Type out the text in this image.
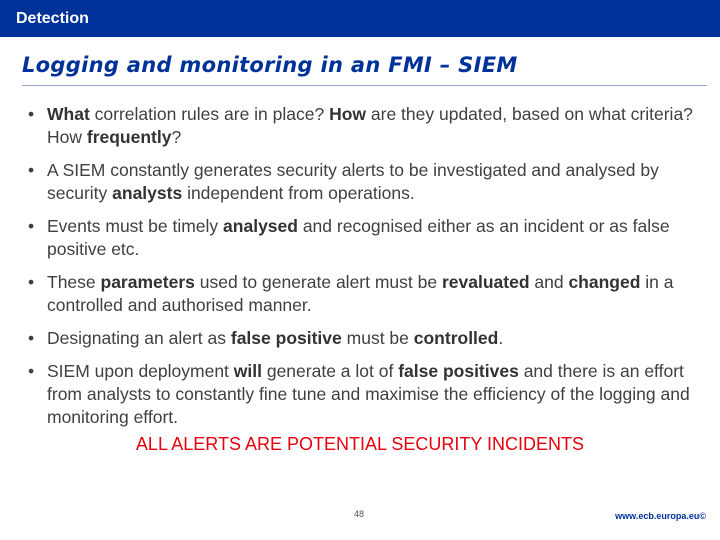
Detection
Logging and monitoring in an FMI – SIEM
• What correlation rules are in place? How are they updated, based on what criteria? How frequently?
• A SIEM constantly generates security alerts to be investigated and analysed by security analysts independent from operations.
• Events must be timely analysed and recognised either as an incident or as false positive etc.
• These parameters used to generate alert must be revaluated and changed in a controlled and authorised manner.
• Designating an alert as false positive must be controlled.
• SIEM upon deployment will generate a lot of false positives and there is an effort from analysts to constantly fine tune and maximise the efficiency of the logging and monitoring effort.
ALL ALERTS ARE POTENTIAL SECURITY INCIDENTS
48	www.ecb.europa.eu©
